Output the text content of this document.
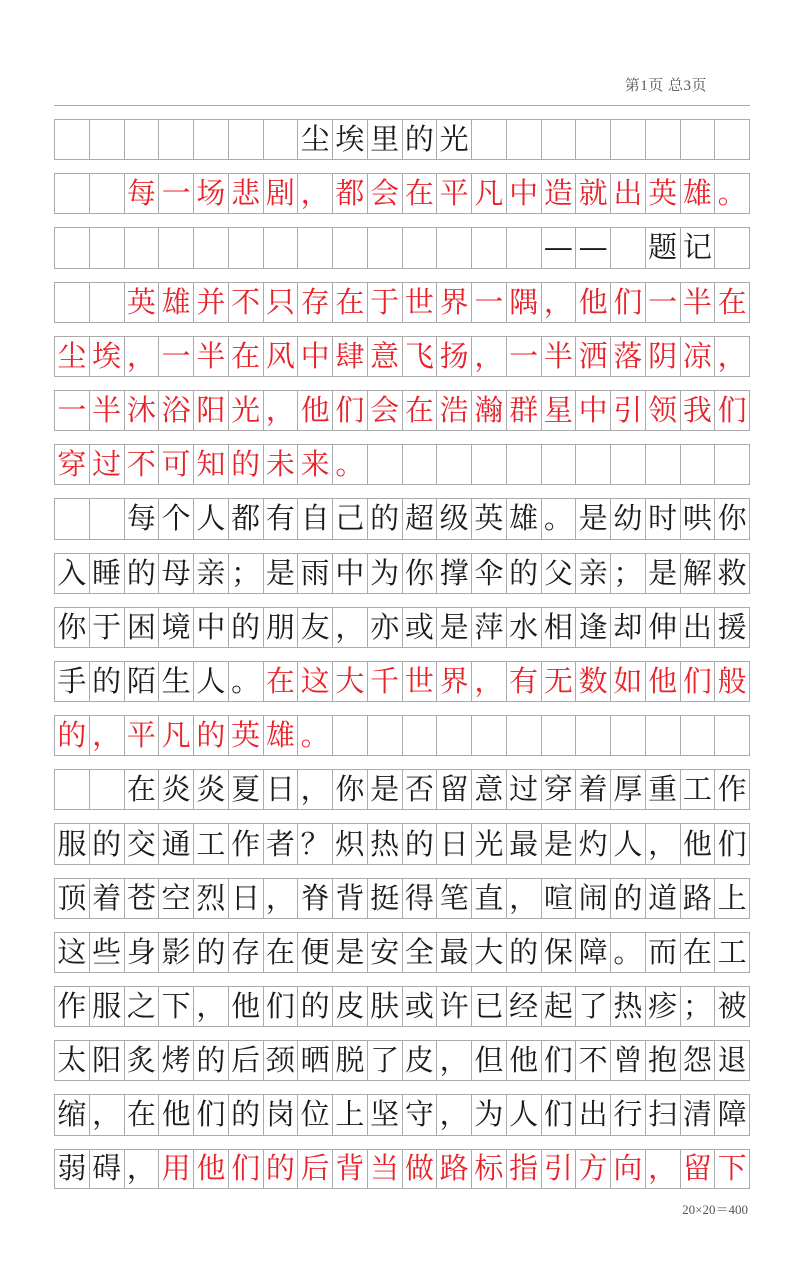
第1页 总3页
尘 埃 里 的 光
每 一 场 悲 剧 ， 都 会 在 平 凡 中 造 就 出 英 雄 。
— — 题 记
英 雄 并 不 只 存 在 于 世 界 一 隅 ， 他 们 一 半 在
尘 埃 ， 一 半 在 风 中 肆 意 飞 扬 ， 一 半 洒 落 阴 凉 ，
一 半 沐 浴 阳 光 ， 他 们 会 在 浩 瀚 群 星 中 引 领 我 们
穿 过 不 可 知 的 未 来 。
每 个 人 都 有 自 己 的 超 级 英 雄 。 是 幼 时 哄 你
入 睡 的 母 亲 ； 是 雨 中 为 你 撑 伞 的 父 亲 ； 是 解 救
你 于 困 境 中 的 朋 友 ， 亦 或 是 萍 水 相 逢 却 伸 出 援
手 的 陌 生 人 。 在 这 大 千 世 界 ， 有 无 数 如 他 们 般
的 ， 平 凡 的 英 雄 。
在 炎 炎 夏 日 ， 你 是 否 留 意 过 穿 着 厚 重 工 作
服 的 交 通 工 作 者 ？ 炽 热 的 日 光 最 是 灼 人 ， 他 们
顶 着 苍 空 烈 日 ， 脊 背 挺 得 笔 直 ， 喧 闹 的 道 路 上
这 些 身 影 的 存 在 便 是 安 全 最 大 的 保 障 。 而 在 工
作 服 之 下 ， 他 们 的 皮 肤 或 许 已 经 起 了 热 疹 ； 被
太 阳 炙 烤 的 后 颈 晒 脱 了 皮 ， 但 他 们 不 曾 抱 怨 退
缩 ， 在 他 们 的 岗 位 上 坚 守 ， 为 人 们 出 行 扫 清 障
弱 碍 ， 用 他 们 的 后 背 当 做 路 标 指 引 方 向 ， 留 下
20×20＝400
